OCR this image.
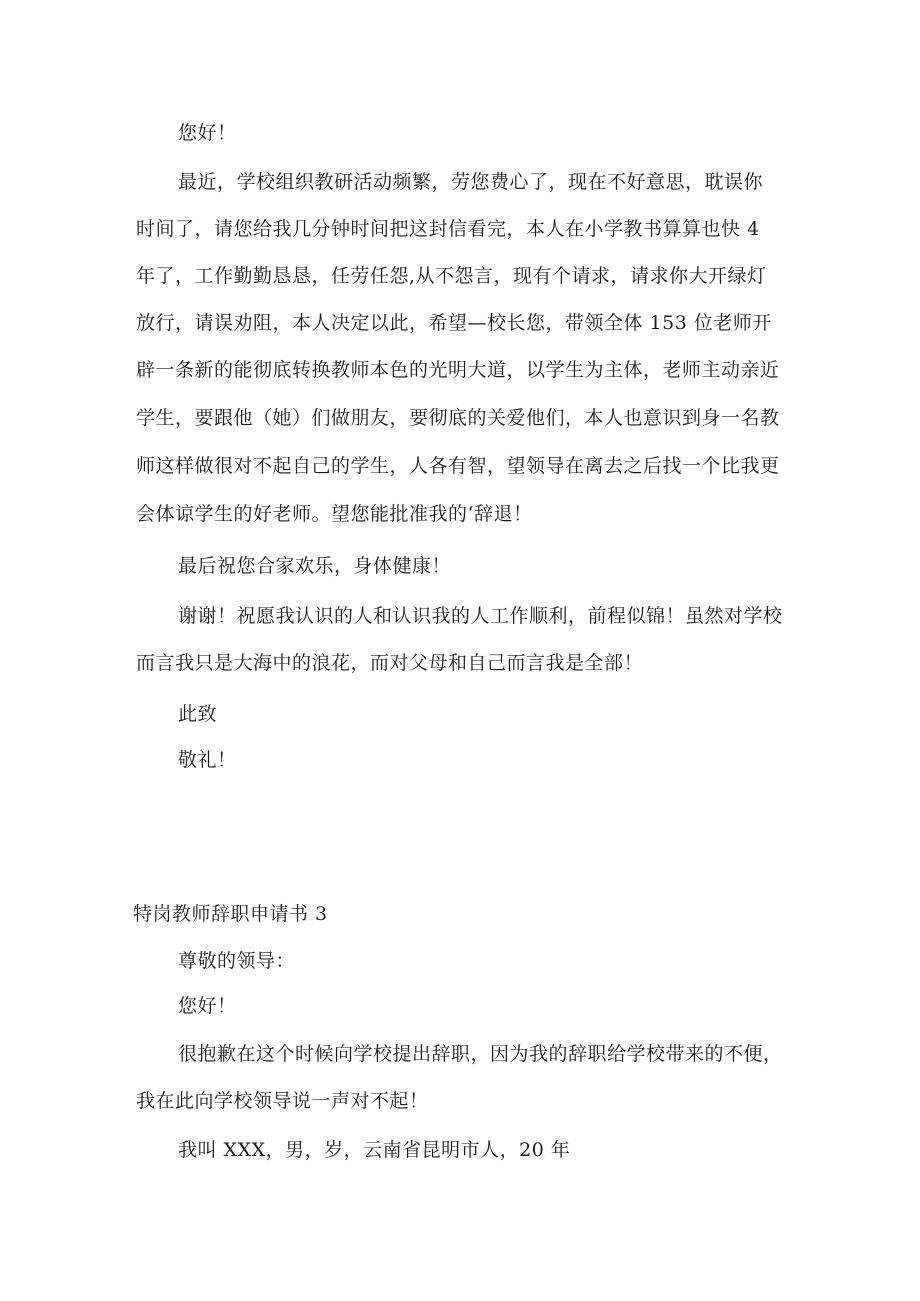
您好！
最近，学校组织教研活动频繁，劳您费心了，现在不好意思，耽误你
时间了，请您给我几分钟时间把这封信看完，本人在小学教书算算也快 4
年了，工作勤勤恳恳，任劳任怨,从不怨言，现有个请求，请求你大开绿灯
放行，请误劝阻，本人决定以此，希望—校长您，带领全体 153 位老师开
辟一条新的能彻底转换教师本色的光明大道，以学生为主体，老师主动亲近
学生，要跟他（她）们做朋友，要彻底的关爱他们，本人也意识到身一名教
师这样做很对不起自己的学生，人各有智，望领导在离去之后找一个比我更
会体谅学生的好老师。望您能批准我的‘辞退！
最后祝您合家欢乐，身体健康！
谢谢！祝愿我认识的人和认识我的人工作顺利，前程似锦！虽然对学校
而言我只是大海中的浪花，而对父母和自己而言我是全部！
此致
敬礼！
特岗教师辞职申请书 3
尊敬的领导：
您好！
很抱歉在这个时候向学校提出辞职，因为我的辞职给学校带来的不便，
我在此向学校领导说一声对不起！
我叫 XXX，男，岁，云南省昆明市人，20 年
